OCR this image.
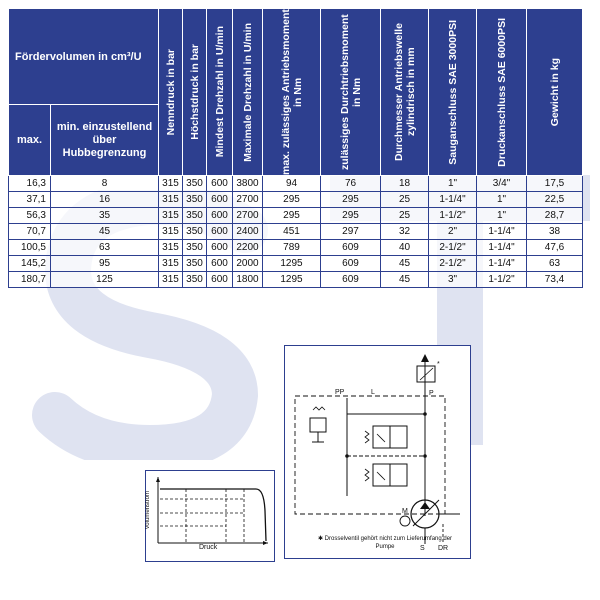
Fördervolumen in cm³/U		Nenndruck in bar	Höchstdruck in bar	Mindest Drehzahl in U/min	Maximale Drehzahl in U/min	max. zulässiges Antriebsmoment in Nm	zulässiges Durchtriebsmoment in Nm	Durchmesser Antriebswelle zylindrisch in mm	Sauganschluss SAE 3000PSI	Druckanschluss SAE 6000PSI	Gewicht in kg

max.	min. einzustellend über Hubbegrenzung										
16,3	8	315	350	600	3800	94	76	18	1"	3/4"	17,5
37,1	16	315	350	600	2700	295	295	25	1-1/4"	1"	22,5
56,3	35	315	350	600	2700	295	295	25	1-1/2"	1"	28,7
70,7	45	315	350	600	2400	451	297	32	2"	1-1/4"	38
100,5	63	315	350	600	2200	789	609	40	2-1/2"	1-1/4"	47,6
145,2	95	315	350	600	2000	1295	609	45	2-1/2"	1-1/4"	63
180,7	125	315	350	600	1800	1295	609	45	3"	1-1/2"	73,4
Volumenstrom
Druck
PP	L	P
*
M
S DR
✱ Drosselventil gehört nicht zum Lieferumfang der Pumpe
